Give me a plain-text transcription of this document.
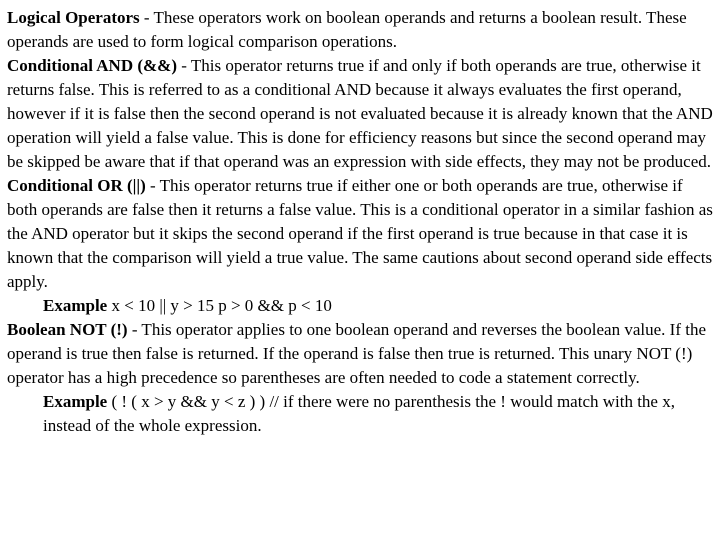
Logical Operators - These operators work on boolean operands and returns a boolean result. These operands are used to form logical comparison operations.

Conditional AND (&&) - This operator returns true if and only if both operands are true, otherwise it returns false. This is referred to as a conditional AND because it always evaluates the first operand, however if it is false then the second operand is not evaluated because it is already known that the AND operation will yield a false value. This is done for efficiency reasons but since the second operand may be skipped be aware that if that operand was an expression with side effects, they may not be produced.

Conditional OR (||) - This operator returns true if either one or both operands are true, otherwise if both operands are false then it returns a false value. This is a conditional operator in a similar fashion as the AND operator but it skips the second operand if the first operand is true because in that case it is known that the comparison will yield a true value. The same cautions about second operand side effects apply.

Example x < 10 || y > 15 p > 0 && p < 10

Boolean NOT (!) - This operator applies to one boolean operand and reverses the boolean value. If the operand is true then false is returned. If the operand is false then true is returned. This unary NOT (!) operator has a high precedence so parentheses are often needed to code a statement correctly.

Example ( ! ( x > y && y < z ) ) // if there were no parenthesis the ! would match with the x, instead of the whole expression.
